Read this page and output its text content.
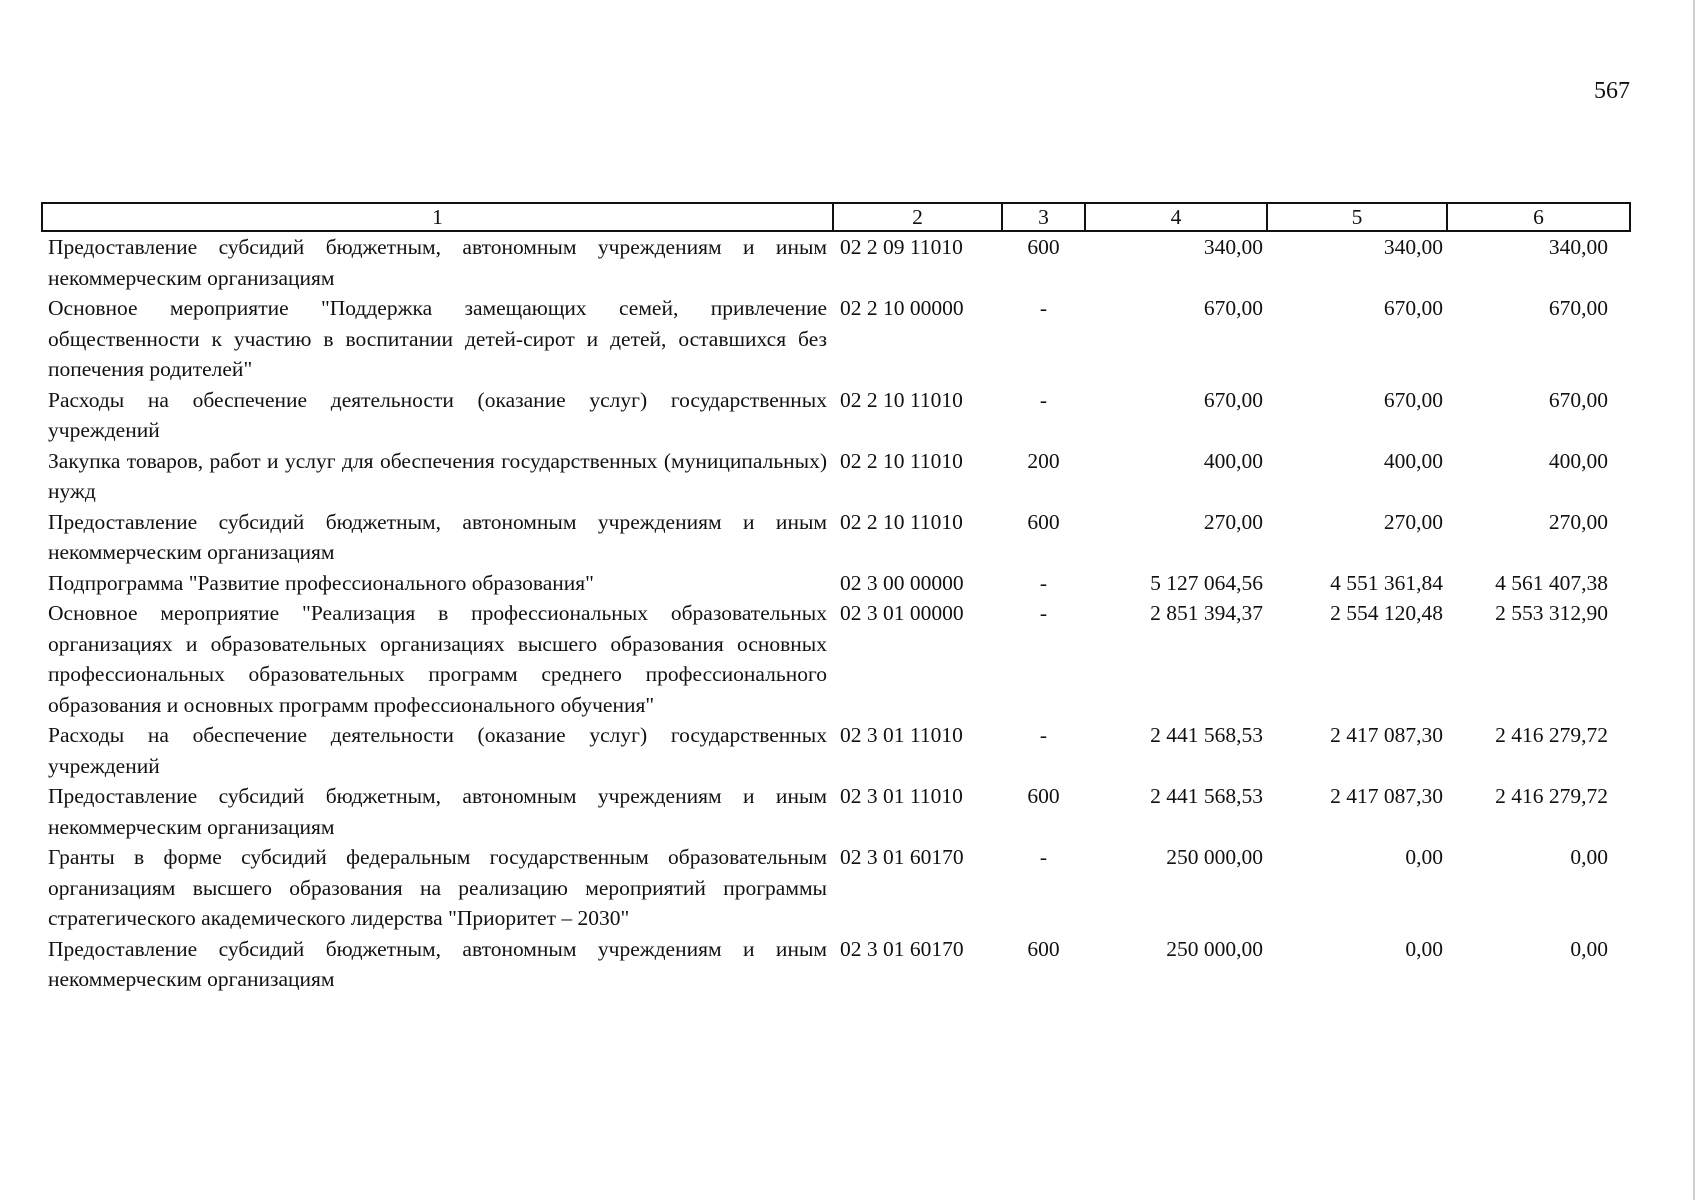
567
1	2	3	4	5	6
Предоставление субсидий бюджетным, автономным учреждениям и иным некоммерческим организациям	02 2 09 11010	600	340,00	340,00	340,00
Основное мероприятие "Поддержка замещающих семей, привлечение общественности к участию в воспитании детей-сирот и детей, оставшихся без попечения родителей"	02 2 10 00000	-	670,00	670,00	670,00
Расходы на обеспечение деятельности (оказание услуг) государственных учреждений	02 2 10 11010	-	670,00	670,00	670,00
Закупка товаров, работ и услуг для обеспечения государственных (муниципальных) нужд	02 2 10 11010	200	400,00	400,00	400,00
Предоставление субсидий бюджетным, автономным учреждениям и иным некоммерческим организациям	02 2 10 11010	600	270,00	270,00	270,00
Подпрограмма "Развитие профессионального образования"	02 3 00 00000	-	5 127 064,56	4 551 361,84	4 561 407,38
Основное мероприятие "Реализация в профессиональных образовательных организациях и образовательных организациях высшего образования основных профессиональных образовательных программ среднего профессионального образования и основных программ профессионального обучения"	02 3 01 00000	-	2 851 394,37	2 554 120,48	2 553 312,90
Расходы на обеспечение деятельности (оказание услуг) государственных учреждений	02 3 01 11010	-	2 441 568,53	2 417 087,30	2 416 279,72
Предоставление субсидий бюджетным, автономным учреждениям и иным некоммерческим организациям	02 3 01 11010	600	2 441 568,53	2 417 087,30	2 416 279,72
Гранты в форме субсидий федеральным государственным образовательным организациям высшего образования на реализацию мероприятий программы стратегического академического лидерства "Приоритет – 2030"	02 3 01 60170	-	250 000,00	0,00	0,00
Предоставление субсидий бюджетным, автономным учреждениям и иным некоммерческим организациям	02 3 01 60170	600	250 000,00	0,00	0,00
